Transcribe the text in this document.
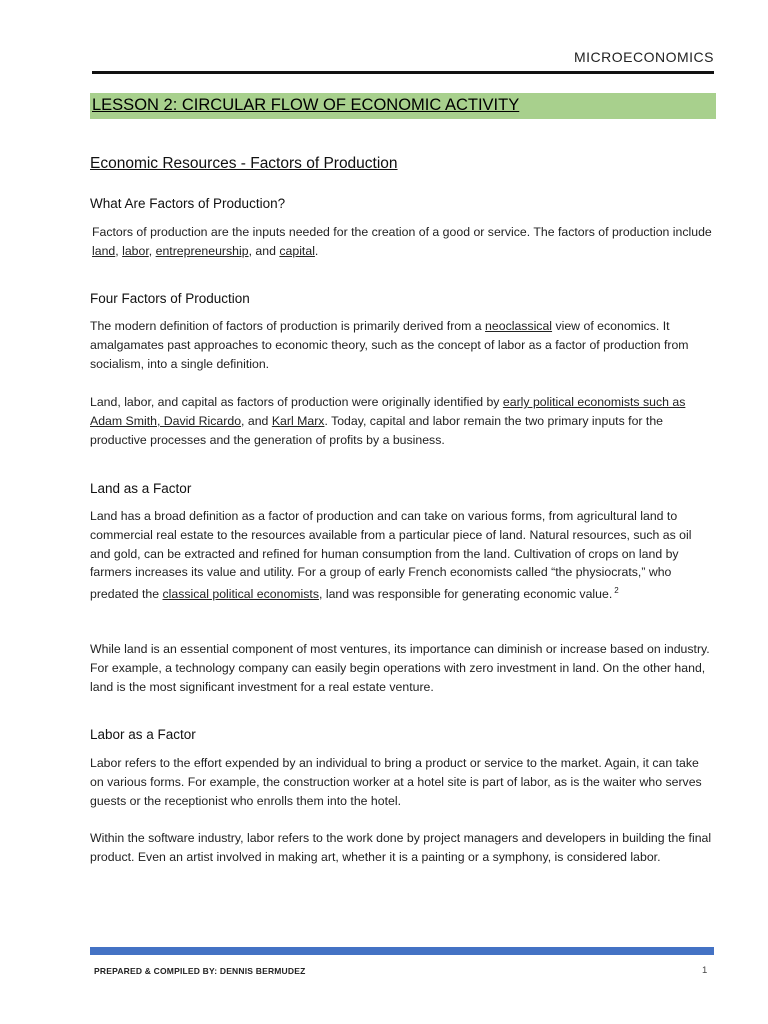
MICROECONOMICS
LESSON 2: CIRCULAR FLOW OF ECONOMIC ACTIVITY
Economic Resources - Factors of Production
What Are Factors of Production?

Factors of production are the inputs needed for the creation of a good or service. The factors of production include land, labor, entrepreneurship, and capital.

Four Factors of Production

The modern definition of factors of production is primarily derived from a neoclassical view of economics. It amalgamates past approaches to economic theory, such as the concept of labor as a factor of production from socialism, into a single definition.

Land, labor, and capital as factors of production were originally identified by early political economists such as Adam Smith, David Ricardo, and Karl Marx. Today, capital and labor remain the two primary inputs for the productive processes and the generation of profits by a business.

Land as a Factor

Land has a broad definition as a factor of production and can take on various forms, from agricultural land to commercial real estate to the resources available from a particular piece of land. Natural resources, such as oil and gold, can be extracted and refined for human consumption from the land. Cultivation of crops on land by farmers increases its value and utility. For a group of early French economists called “the physiocrats,” who predated the classical political economists, land was responsible for generating economic value. $^2$

While land is an essential component of most ventures, its importance can diminish or increase based on industry. For example, a technology company can easily begin operations with zero investment in land. On the other hand, land is the most significant investment for a real estate venture.

Labor as a Factor

Labor refers to the effort expended by an individual to bring a product or service to the market. Again, it can take on various forms. For example, the construction worker at a hotel site is part of labor, as is the waiter who serves guests or the receptionist who enrolls them into the hotel.

Within the software industry, labor refers to the work done by project managers and developers in building the final product. Even an artist involved in making art, whether it is a painting or a symphony, is considered labor.

PREPARED & COMPILED BY: DENNIS BERMUDEZ	1
